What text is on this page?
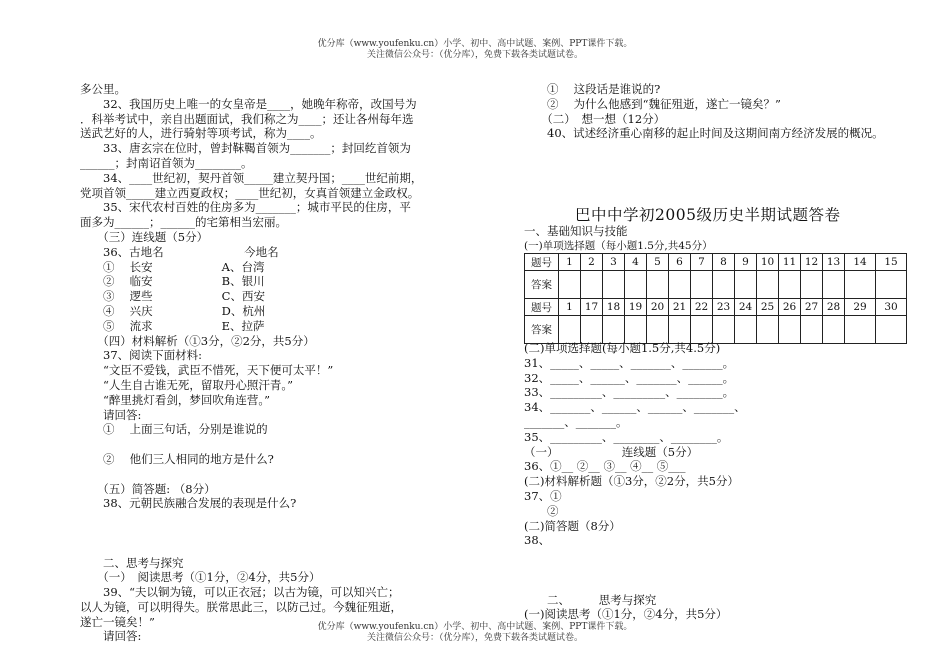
优分库（www.youfenku.cn）小学、初中、高中试题、案例、PPT课件下载。
关注微信公众号：（优分库），免费下载各类试题试卷。
多公里。
　　32、我国历史上唯一的女皇帝是____，她晚年称帝，改国号为
．科举考试中，亲自出题面试，我们称之为____；还让各州每年选
送武艺好的人，进行骑射等项考试，称为____。
　　33、唐玄宗在位时，曾封靺鞨首领为_______；封回纥首领为
______；封南诏首领为________。
　　34、____世纪初，契丹首领_____建立契丹国；____世纪前期，
党项首领_____建立西夏政权；____世纪初，女真首领建立金政权。
　　35、宋代农村百姓的住房多为_______；城市平民的住房，平
面多为______；______的宅第相当宏丽。
　　（三）连线题（5分）
　　36、古地名　　　　　　　今地名
　　①　 长安　　　　　　A、台湾
　　②　 临安　　　　　　B、银川
　　③　 逻些　　　　　　C、西安
　　④　 兴庆　　　　　　D、杭州
　　⑤　 流求　　　　　　E、拉萨
　　（四）材料解析（①3分，②2分，共5分）
　　37、阅读下面材料:
　　“文臣不爱钱，武臣不惜死，天下便可太平！”
　　“人生自古谁无死，留取丹心照汗青。”
　　“醉里挑灯看剑，梦回吹角连营。”
　　请回答:
　　①　 上面三句话，分别是谁说的
　　②　 他们三人相同的地方是什么?
　　（五）简答题: （8分）
　　38、元朝民族融合发展的表现是什么?
　　二、思考与探究
　　（一）　阅读思考（①1分，②4分，共5分）
　　39、“夫以铜为镜，可以正衣冠；以古为镜，可以知兴亡；
以人为镜，可以明得失。朕常思此三，以防己过。今魏征殂逝，
遂亡一镜矣！”
　　请回答:
　　①　 这段话是谁说的?
　　②　 为什么他感到“魏征殂逝，遂亡一镜矣？”
　　（二）　想一想（12分）
　　40、试述经济重心南移的起止时间及这期间南方经济发展的概况。
巴中中学初2005级历史半期试题答卷
一、基础知识与技能
(一)单项选择题（每小题1.5分,共45分）
题号	1	2	3	4	5	6	7	8	9	10	11	12	13	14	15
答案															
题号	1	17	18	19	20	21	22	23	24	25	26	27	28	29	30
答案															
(二)单项选择题(每小题1.5分,共4.5分)
31、_____、_____、_______、_______。
32、_____、______、_______、______。
33、_________、_________、________。
34、_______、______、______、_______、
_______、_______。
35、_________、________、________。
（一）　　　　　　连线题（5分）
36、①__ ②__ ③__ ④__ ⑤___
(二)材料解析题（①3分，②2分，共5分）
37、①
　　②
(二)简答题（8分）
38、
　　二、　　　思考与探究
(一)阅读思考（①1分，②4分，共5分）
优分库（www.youfenku.cn）小学、初中、高中试题、案例、PPT课件下载。
关注微信公众号：（优分库），免费下载各类试题试卷。
